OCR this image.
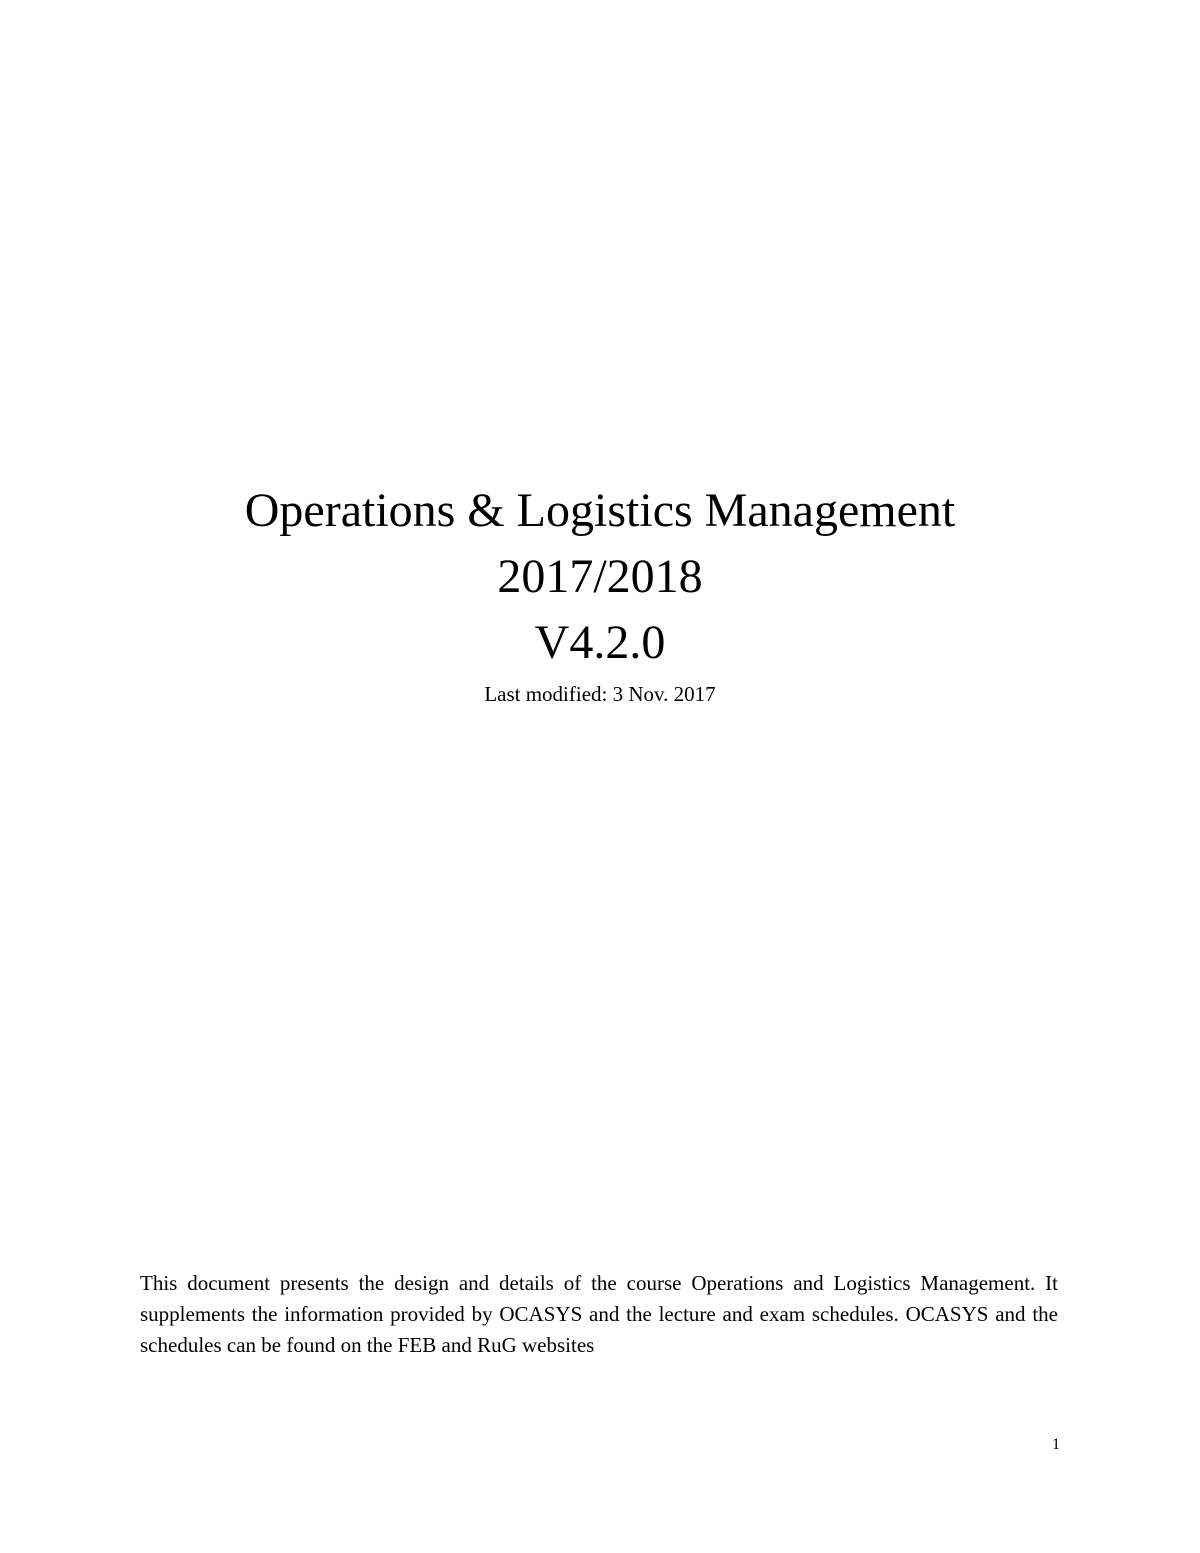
Operations & Logistics Management
2017/2018
V4.2.0
Last modified: 3 Nov. 2017

This document presents the design and details of the course Operations and Logistics Management. It supplements the information provided by OCASYS and the lecture and exam schedules. OCASYS and the schedules can be found on the FEB and RuG websites

1
